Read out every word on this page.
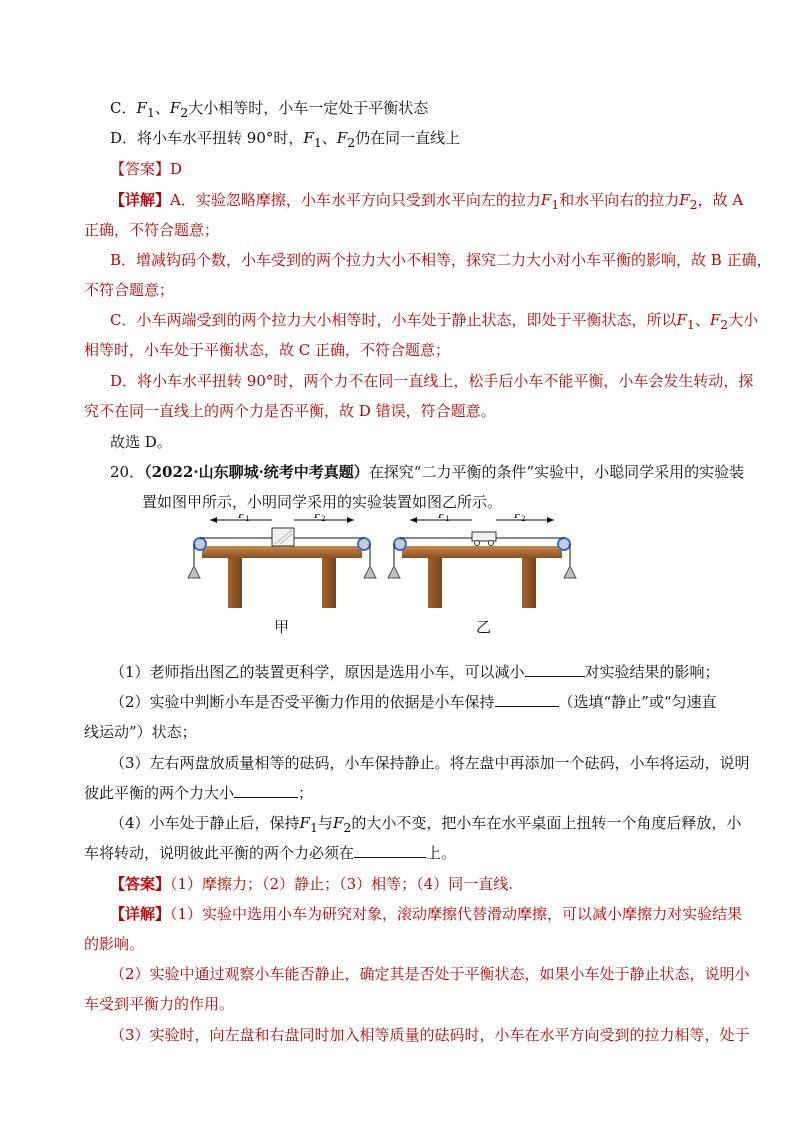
C．$F_1$、$F_2$大小相等时，小车一定处于平衡状态
D．将小车水平扭转 90°时，$F_1$、$F_2$仍在同一直线上
【答案】D
【详解】A．实验忽略摩擦，小车水平方向只受到水平向左的拉力$F_1$和水平向右的拉力$F_2$，故 A
正确，不符合题意；
B．增减钩码个数，小车受到的两个拉力大小不相等，探究二力大小对小车平衡的影响，故 B 正确，
不符合题意；
C．小车两端受到的两个拉力大小相等时，小车处于静止状态，即处于平衡状态，所以$F_1$、$F_2$大小
相等时，小车处于平衡状态，故 C 正确，不符合题意；
D．将小车水平扭转 90°时，两个力不在同一直线上，松手后小车不能平衡，小车会发生转动，探
究不在同一直线上的两个力是否平衡，故 D 错误，符合题意。
故选 D。
20．（2022·山东聊城·统考中考真题）在探究“二力平衡的条件”实验中，小聪同学采用的实验装
置如图甲所示，小明同学采用的实验装置如图乙所示。
$F_1$	$F_2$	$F_1$	$F_2$
甲	乙
（1）老师指出图乙的装置更科学，原因是选用小车，可以减小	对实验结果的影响；
（2）实验中判断小车是否受平衡力作用的依据是小车保持	（选填“静止”或“匀速直
线运动”）状态；
（3）左右两盘放质量相等的砝码，小车保持静止。将左盘中再添加一个砝码，小车将运动，说明
彼此平衡的两个力大小	；
（4）小车处于静止后，保持$F_1$与$F_2$的大小不变，把小车在水平桌面上扭转一个角度后释放，小
车将转动，说明彼此平衡的两个力必须在	上。
【答案】（1）摩擦力；（2）静止；（3）相等；（4）同一直线.
【详解】（1）实验中选用小车为研究对象，滚动摩擦代替滑动摩擦，可以减小摩擦力对实验结果
的影响。
（2）实验中通过观察小车能否静止，确定其是否处于平衡状态，如果小车处于静止状态，说明小
车受到平衡力的作用。
（3）实验时，向左盘和右盘同时加入相等质量的砝码时，小车在水平方向受到的拉力相等，处于
